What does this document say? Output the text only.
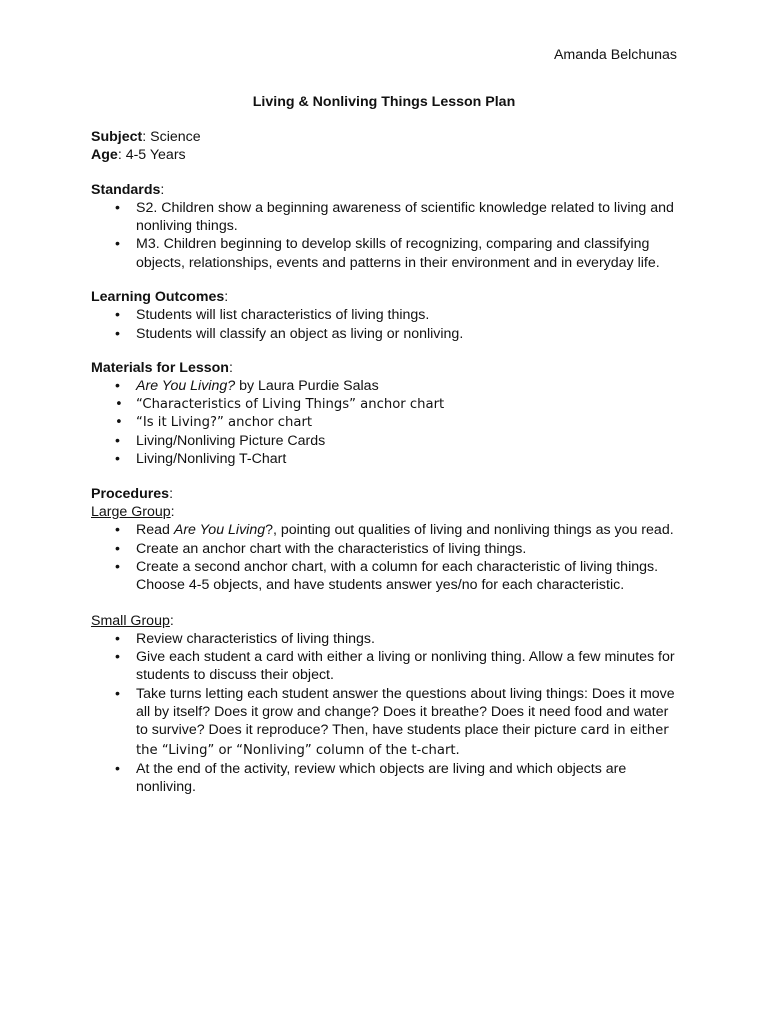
Amanda Belchunas

Living & Nonliving Things Lesson Plan

Subject: Science

Age: 4-5 Years

Standards:

• S2. Children show a beginning awareness of scientific knowledge related to living and nonliving things.
• M3. Children beginning to develop skills of recognizing, comparing and classifying objects, relationships, events and patterns in their environment and in everyday life.

Learning Outcomes:

• Students will list characteristics of living things.
• Students will classify an object as living or nonliving.

Materials for Lesson:

• Are You Living? by Laura Purdie Salas
• “Characteristics of Living Things” anchor chart
• “Is it Living?” anchor chart
• Living/Nonliving Picture Cards
• Living/Nonliving T-Chart

Procedures:

Large Group:

• Read Are You Living?, pointing out qualities of living and nonliving things as you read.
• Create an anchor chart with the characteristics of living things.
• Create a second anchor chart, with a column for each characteristic of living things. Choose 4-5 objects, and have students answer yes/no for each characteristic.

Small Group:

• Review characteristics of living things.
• Give each student a card with either a living or nonliving thing. Allow a few minutes for students to discuss their object.
• Take turns letting each student answer the questions about living things: Does it move all by itself? Does it grow and change? Does it breathe? Does it need food and water to survive? Does it reproduce? Then, have students place their picture card in either the “Living” or “Nonliving” column of the t-chart.
• At the end of the activity, review which objects are living and which objects are nonliving.
